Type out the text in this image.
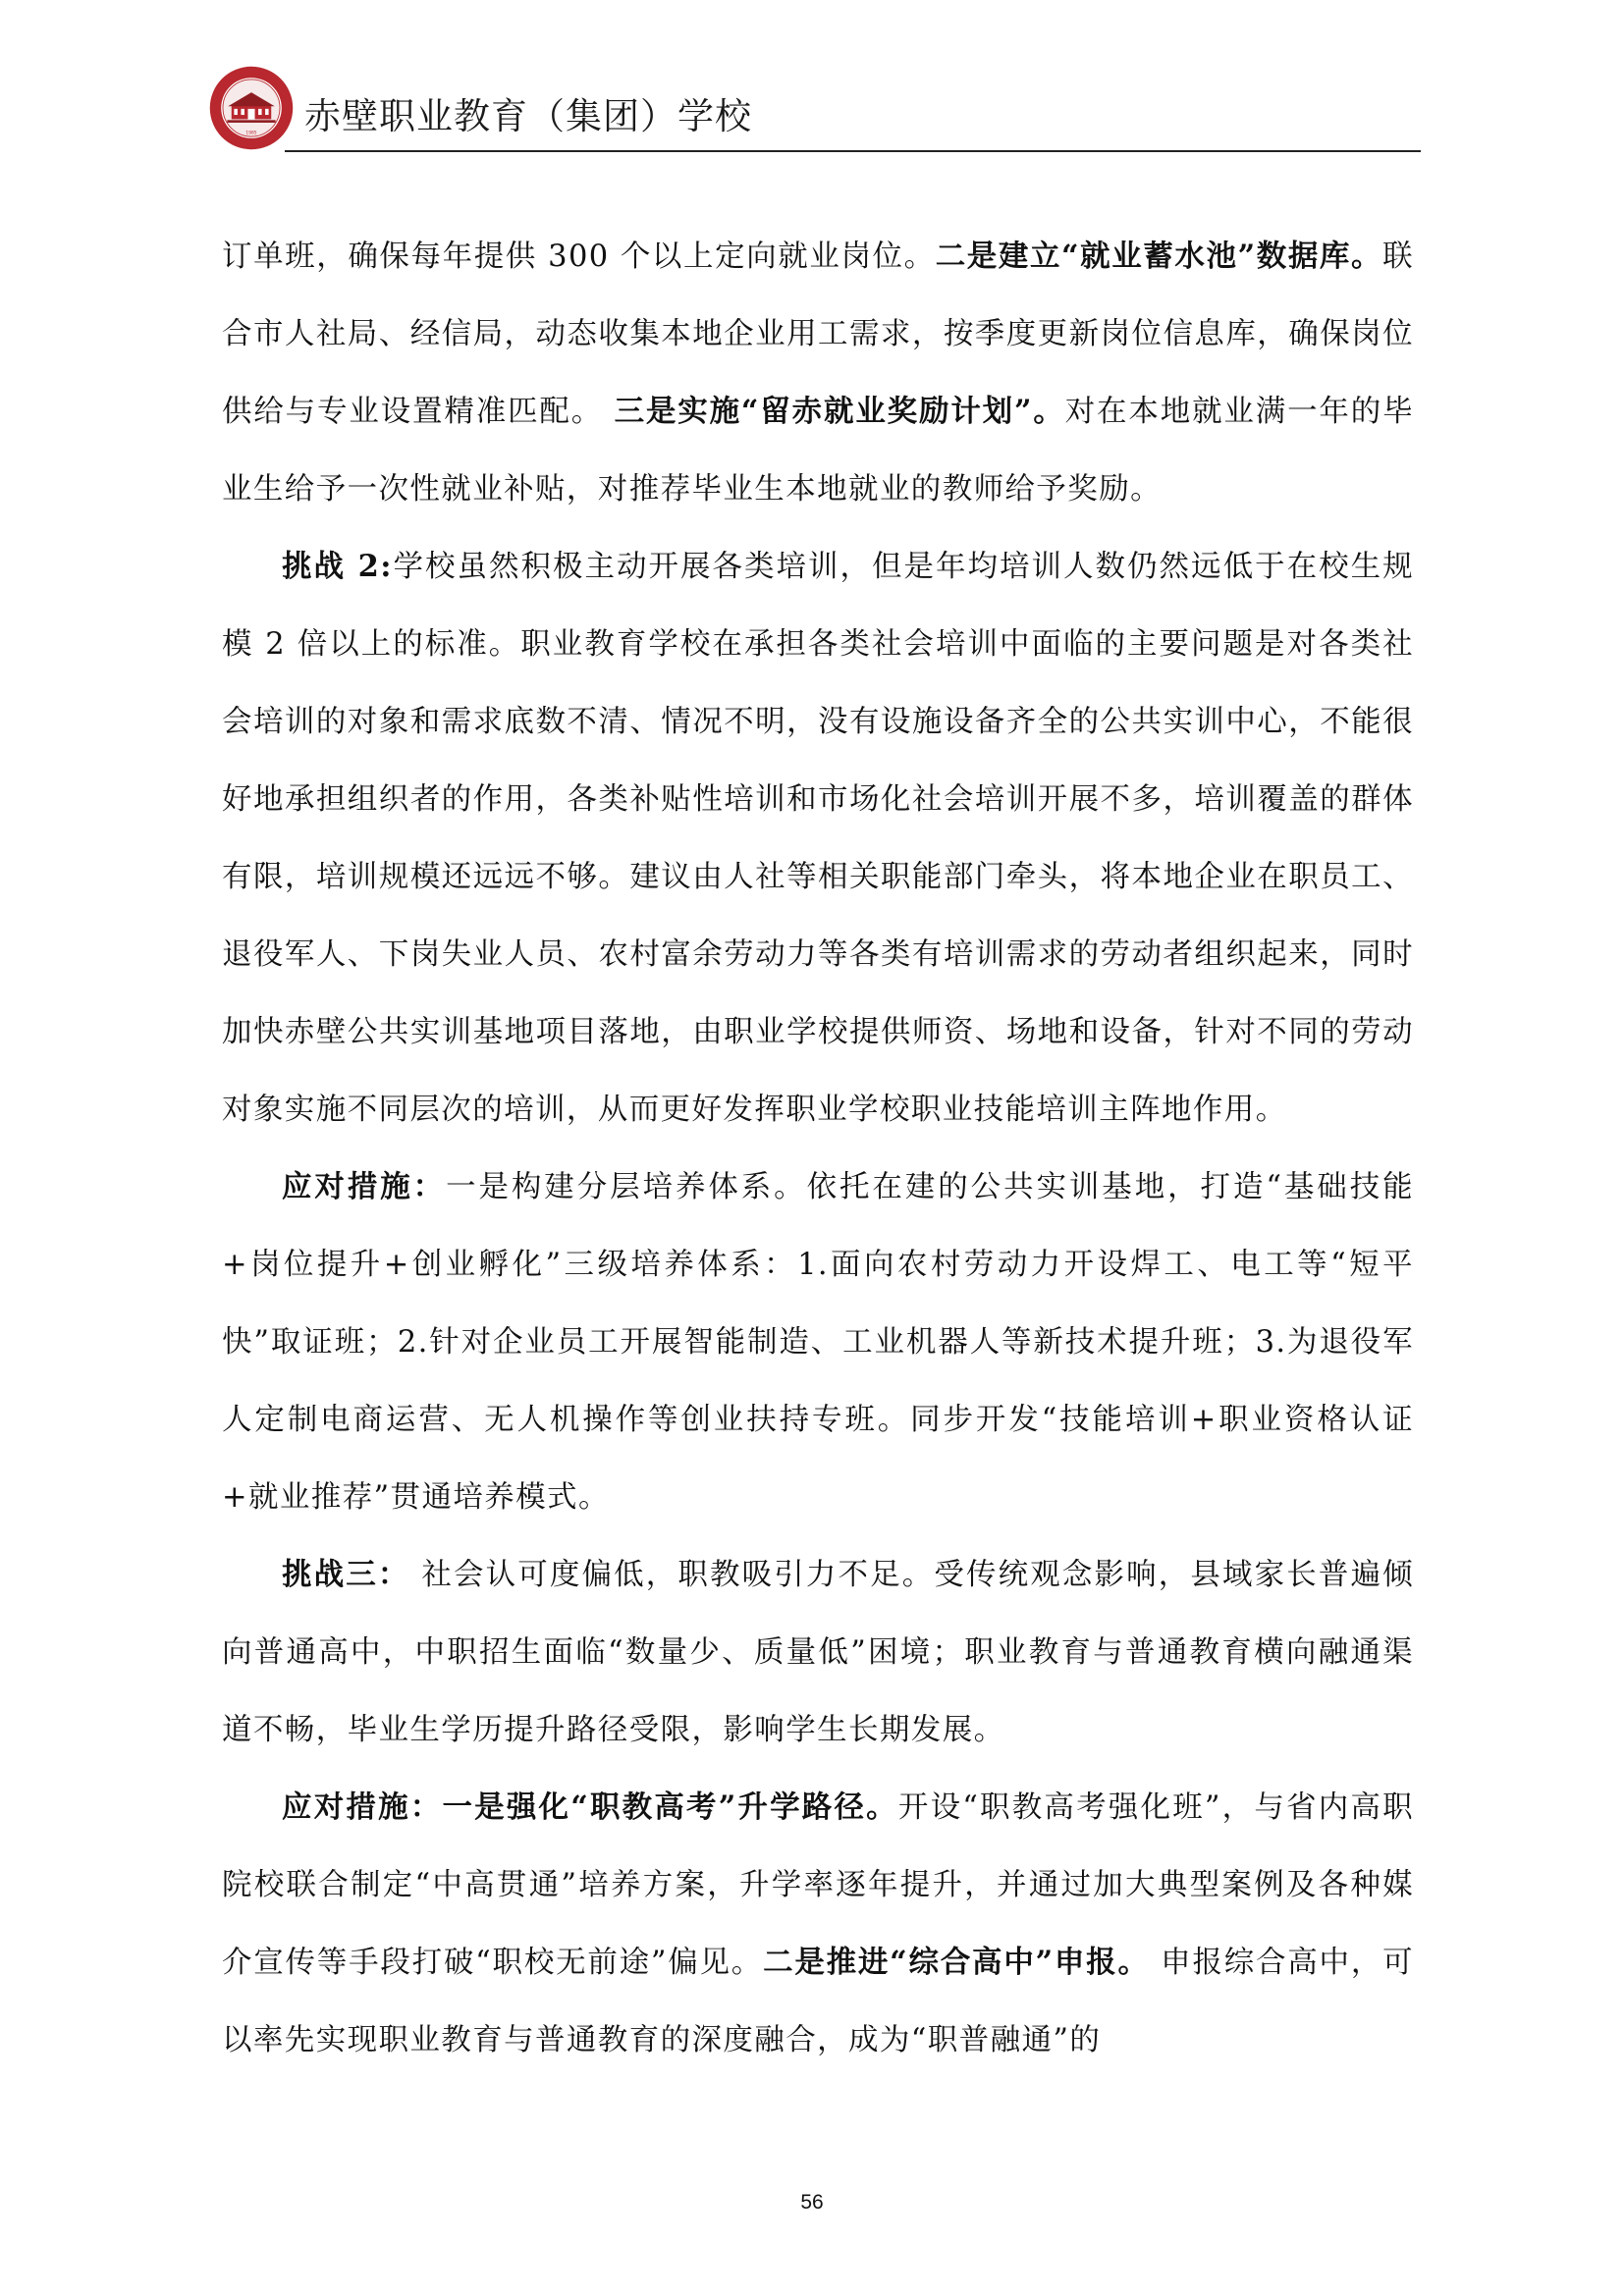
1985 赤壁职业教育（集团）学校

订单班，确保每年提供 300 个以上定向就业岗位。二是建立“就业蓄水池”数据库。联合市人社局、经信局，动态收集本地企业用工需求，按季度更新岗位信息库，确保岗位供给与专业设置精准匹配。 三是实施“留赤就业奖励计划”。对在本地就业满一年的毕业生给予一次性就业补贴，对推荐毕业生本地就业的教师给予奖励。

挑战 2:学校虽然积极主动开展各类培训，但是年均培训人数仍然远低于在校生规模 2 倍以上的标准。职业教育学校在承担各类社会培训中面临的主要问题是对各类社会培训的对象和需求底数不清、情况不明，没有设施设备齐全的公共实训中心，不能很好地承担组织者的作用，各类补贴性培训和市场化社会培训开展不多，培训覆盖的群体有限，培训规模还远远不够。建议由人社等相关职能部门牵头，将本地企业在职员工、退役军人、下岗失业人员、农村富余劳动力等各类有培训需求的劳动者组织起来，同时加快赤壁公共实训基地项目落地，由职业学校提供师资、场地和设备，针对不同的劳动对象实施不同层次的培训，从而更好发挥职业学校职业技能培训主阵地作用。

应对措施：一是构建分层培养体系。依托在建的公共实训基地，打造“基础技能+岗位提升+创业孵化”三级培养体系：1.面向农村劳动力开设焊工、电工等“短平快”取证班；2.针对企业员工开展智能制造、工业机器人等新技术提升班；3.为退役军人定制电商运营、无人机操作等创业扶持专班。同步开发“技能培训+职业资格认证+就业推荐”贯通培养模式。

挑战三： 社会认可度偏低，职教吸引力不足。受传统观念影响，县域家长普遍倾向普通高中，中职招生面临“数量少、质量低”困境；职业教育与普通教育横向融通渠道不畅，毕业生学历提升路径受限，影响学生长期发展。

应对措施：一是强化“职教高考”升学路径。开设“职教高考强化班”，与省内高职院校联合制定“中高贯通”培养方案，升学率逐年提升，并通过加大典型案例及各种媒介宣传等手段打破“职校无前途”偏见。二是推进“综合高中”申报。 申报综合高中，可以率先实现职业教育与普通教育的深度融合，成为“职普融通”的

56
